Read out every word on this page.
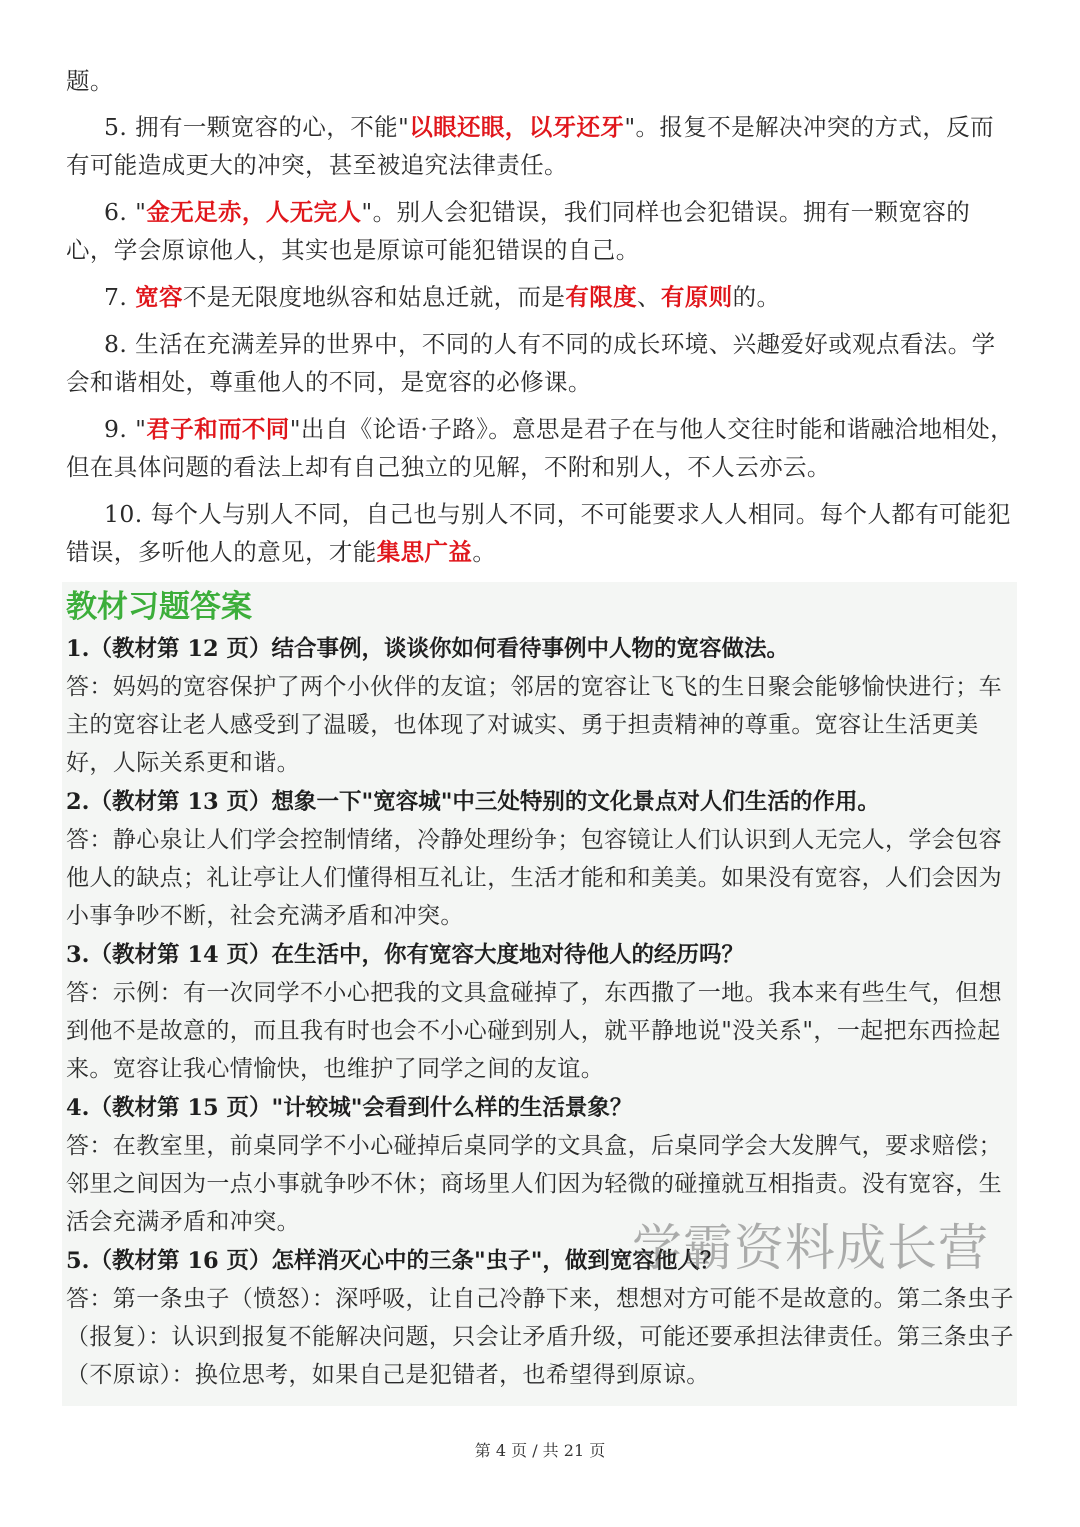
题。

5. 拥有一颗宽容的心，不能"以眼还眼，以牙还牙"。报复不是解决冲突的方式，反而有可能造成更大的冲突，甚至被追究法律责任。

6. "金无足赤，人无完人"。别人会犯错误，我们同样也会犯错误。拥有一颗宽容的心，学会原谅他人，其实也是原谅可能犯错误的自己。

7. 宽容不是无限度地纵容和姑息迁就，而是有限度、有原则的。

8. 生活在充满差异的世界中，不同的人有不同的成长环境、兴趣爱好或观点看法。学会和谐相处，尊重他人的不同，是宽容的必修课。

9. "君子和而不同"出自《论语·子路》。意思是君子在与他人交往时能和谐融洽地相处，但在具体问题的看法上却有自己独立的见解，不附和别人，不人云亦云。

10. 每个人与别人不同，自己也与别人不同，不可能要求人人相同。每个人都有可能犯错误，多听他人的意见，才能集思广益。

教材习题答案

1.（教材第 12 页）结合事例，谈谈你如何看待事例中人物的宽容做法。

答：妈妈的宽容保护了两个小伙伴的友谊；邻居的宽容让飞飞的生日聚会能够愉快进行；车主的宽容让老人感受到了温暖，也体现了对诚实、勇于担责精神的尊重。宽容让生活更美好，人际关系更和谐。

2.（教材第 13 页）想象一下"宽容城"中三处特别的文化景点对人们生活的作用。

答：静心泉让人们学会控制情绪，冷静处理纷争；包容镜让人们认识到人无完人，学会包容他人的缺点；礼让亭让人们懂得相互礼让，生活才能和和美美。如果没有宽容，人们会因为小事争吵不断，社会充满矛盾和冲突。

3.（教材第 14 页）在生活中，你有宽容大度地对待他人的经历吗？

答：示例：有一次同学不小心把我的文具盒碰掉了，东西撒了一地。我本来有些生气，但想到他不是故意的，而且我有时也会不小心碰到别人，就平静地说"没关系"，一起把东西捡起来。宽容让我心情愉快，也维护了同学之间的友谊。

4.（教材第 15 页）"计较城"会看到什么样的生活景象？

答：在教室里，前桌同学不小心碰掉后桌同学的文具盒，后桌同学会大发脾气，要求赔偿；邻里之间因为一点小事就争吵不休；商场里人们因为轻微的碰撞就互相指责。没有宽容，生活会充满矛盾和冲突。

5.（教材第 16 页）怎样消灭心中的三条"虫子"，做到宽容他人？

答：第一条虫子（愤怒）：深呼吸，让自己冷静下来，想想对方可能不是故意的。第二条虫子（报复）：认识到报复不能解决问题，只会让矛盾升级，可能还要承担法律责任。第三条虫子（不原谅）：换位思考，如果自己是犯错者，也希望得到原谅。

学霸资料成长营
第 4 页 / 共 21 页
